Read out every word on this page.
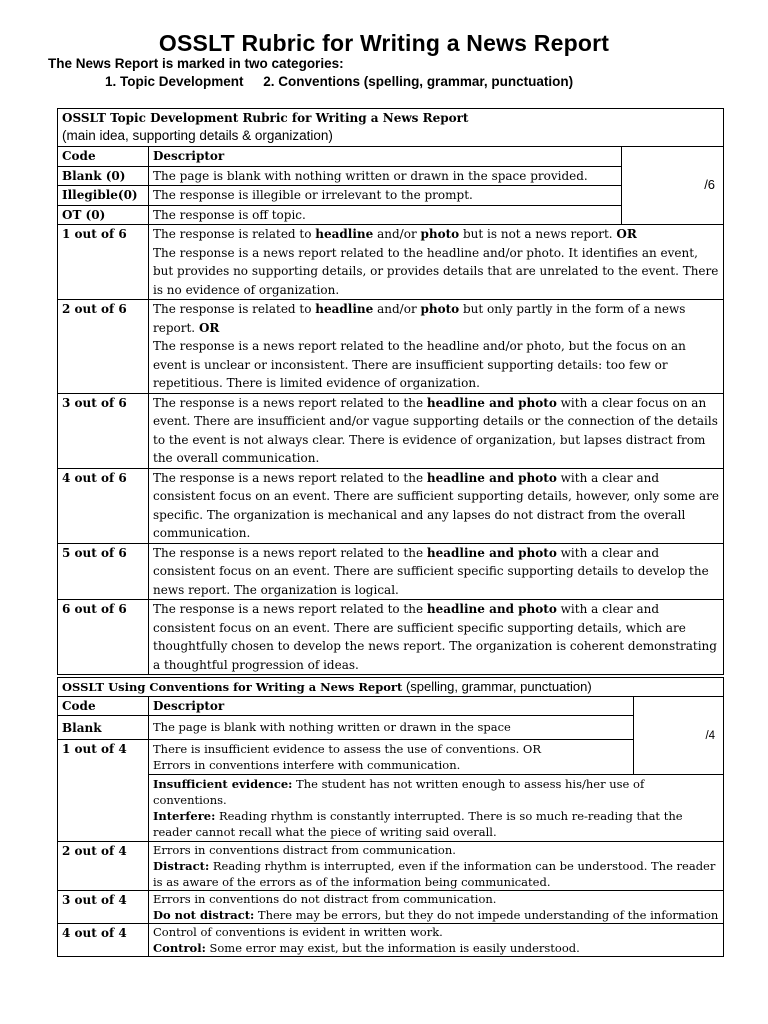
OSSLT Rubric for Writing a News Report
The News Report is marked in two categories:
1. Topic Development 2. Conventions (spelling, grammar, punctuation)
OSSLT Topic Development Rubric for Writing a News Report
(main idea, supporting details & organization)		

Code	Descriptor	/6
Blank (0)	The page is blank with nothing written or drawn in the space provided.	
Illegible(0)	The response is illegible or irrelevant to the prompt.	
OT (0)	The response is off topic.	
1 out of 6	The response is related to headline and/or photo but is not a news report. OR
The response is a news report related to the headline and/or photo. It identifies an event, but provides no supporting details, or provides details that are unrelated to the event. There is no evidence of organization.	
2 out of 6	The response is related to headline and/or photo but only partly in the form of a news report. OR
The response is a news report related to the headline and/or photo, but the focus on an event is unclear or inconsistent. There are insufficient supporting details: too few or repetitious. There is limited evidence of organization.	
3 out of 6	The response is a news report related to the headline and photo with a clear focus on an event. There are insufficient and/or vague supporting details or the connection of the details to the event is not always clear. There is evidence of organization, but lapses distract from the overall communication.	
4 out of 6	The response is a news report related to the headline and photo with a clear and consistent focus on an event. There are sufficient supporting details, however, only some are specific. The organization is mechanical and any lapses do not distract from the overall communication.	
5 out of 6	The response is a news report related to the headline and photo with a clear and consistent focus on an event. There are sufficient specific supporting details to develop the news report. The organization is logical.	
6 out of 6	The response is a news report related to the headline and photo with a clear and consistent focus on an event. There are sufficient specific supporting details, which are thoughtfully chosen to develop the news report. The organization is coherent demonstrating a thoughtful progression of ideas.	
OSSLT Using Conventions for Writing a News Report (spelling, grammar, punctuation)		
Code	Descriptor	/4
Blank	The page is blank with nothing written or drawn in the space	
1 out of 4	There is insufficient evidence to assess the use of conventions. OR
Errors in conventions interfere with communication.	

	Insufficient evidence: The student has not written enough to assess his/her use of conventions.
Interfere: Reading rhythm is constantly interrupted. There is so much re-reading that the reader cannot recall what the piece of writing said overall.	

2 out of 4	Errors in conventions distract from communication.
Distract: Reading rhythm is interrupted, even if the information can be understood. The reader is as aware of the errors as of the information being communicated.	

3 out of 4	Errors in conventions do not distract from communication.
Do not distract: There may be errors, but they do not impede understanding of the information	

4 out of 4	Control of conventions is evident in written work.
Control: Some error may exist, but the information is easily understood.	
